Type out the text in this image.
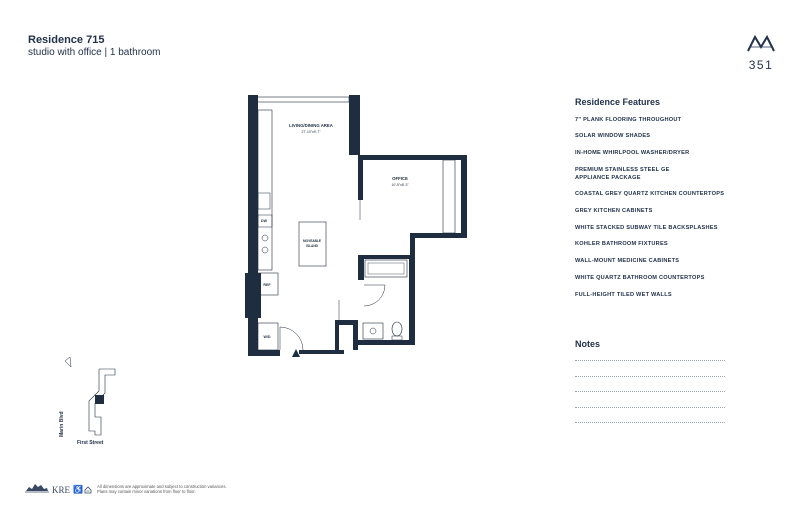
Residence 715
studio with office | 1 bathroom
351
LIVING/DINING AREA
27'-10"x9'-7"
OFFICE
10'-5"x8'-3"
MOVEABLE
ISLAND
DW
REF
W/D
Residence Features
7" PLANK FLOORING THROUGHOUT
SOLAR WINDOW SHADES
IN-HOME WHIRLPOOL WASHER/DRYER
PREMIUM STAINLESS STEEL GE APPLIANCE PACKAGE
COASTAL GREY QUARTZ KITCHEN COUNTERTOPS
GREY KITCHEN CABINETS
WHITE STACKED SUBWAY TILE BACKSPLASHES
KOHLER BATHROOM FIXTURES
WALL-MOUNT MEDICINE CABINETS
WHITE QUARTZ BATHROOM COUNTERTOPS
FULL-HEIGHT TILED WET WALLS
Notes
Marin Blvd
First Street
KRE ♿	All dimensions are approximate and subject to construction variances.
Plans may contain minor variations from floor to floor.
